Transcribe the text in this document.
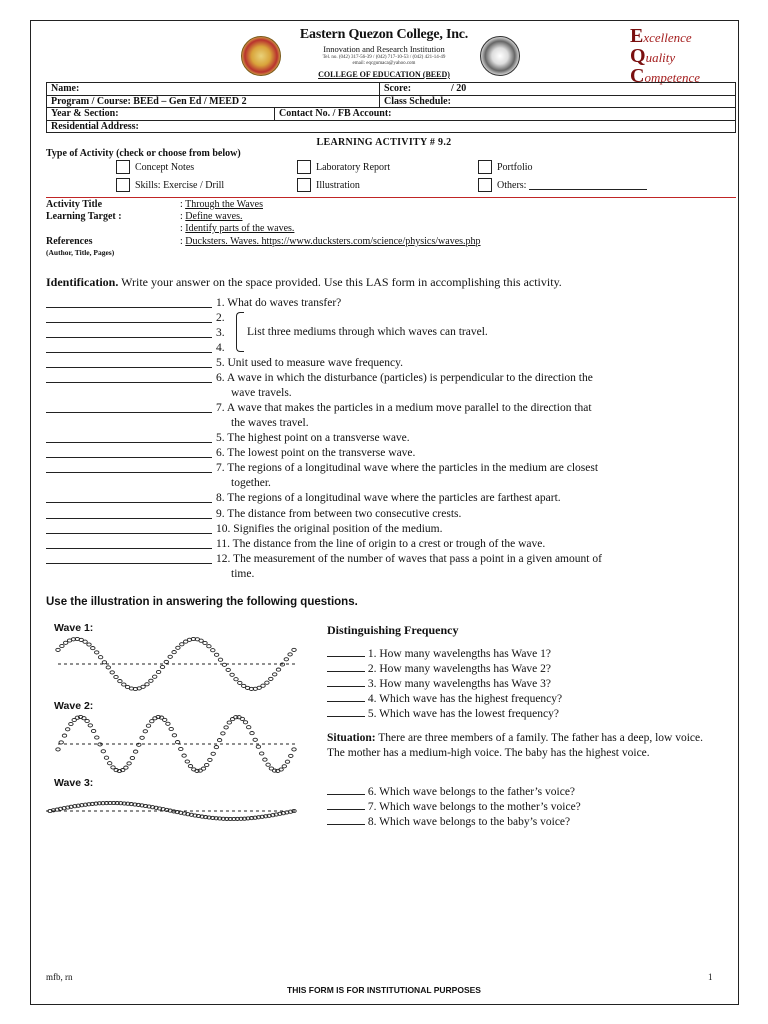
Eastern Quezon College, Inc.
Innovation and Research Institution
Tel. no. (042) 317-56-39 / (042) 717-10-53 / (042) 421-14-49
email: eqcgumaca@yahoo.com
COLLEGE OF EDUCATION (BEED)
Excellence
Quality
Competence
Name:		Score: / 20
Program / Course: BEEd – Gen Ed / MEED 2		Class Schedule:
Year & Section:	Contact No. / FB Account:	
Residential Address:		
LEARNING ACTIVITY # 9.2
Type of Activity (check or choose from below)
Concept Notes	Laboratory Report	Portfolio
Skills: Exercise / Drill	Illustration	Others:
Activity Title	: Through the Waves
Learning Target :	: Define waves.
: Identify parts of the waves.
References
(Author, Title, Pages)
: Ducksters. Waves. https://www.ducksters.com/science/physics/waves.php
Identification. Write your answer on the space provided. Use this LAS form in accomplishing this activity.
1. What do waves transfer?
2.
3.
4.
5. Unit used to measure wave frequency.
6. A wave in which the disturbance (particles) is perpendicular to the direction the
wave travels.
7. A wave that makes the particles in a medium move parallel to the direction that
the waves travel.
5. The highest point on a transverse wave.
6. The lowest point on the transverse wave.
7. The regions of a longitudinal wave where the particles in the medium are closest
together.
8. The regions of a longitudinal wave where the particles are farthest apart.
9. The distance from between two consecutive crests.
10. Signifies the original position of the medium.
11. The distance from the line of origin to a crest or trough of the wave.
12. The measurement of the number of waves that pass a point in a given amount of
time.
List three mediums through which waves can travel.
Use the illustration in answering the following questions.
Wave 1:
Wave 2:
Wave 3:
Distinguishing Frequency
1. How many wavelengths has Wave 1?
2. How many wavelengths has Wave 2?
3. How many wavelengths has Wave 3?
4. Which wave has the highest frequency?
5. Which wave has the lowest frequency?
Situation: There are three members of a family. The father has a deep, low voice. The mother has a medium-high voice. The baby has the highest voice.
6. Which wave belongs to the father’s voice?
7. Which wave belongs to the mother’s voice?
8. Which wave belongs to the baby’s voice?
mfb, rn	1
THIS FORM IS FOR INSTITUTIONAL PURPOSES
